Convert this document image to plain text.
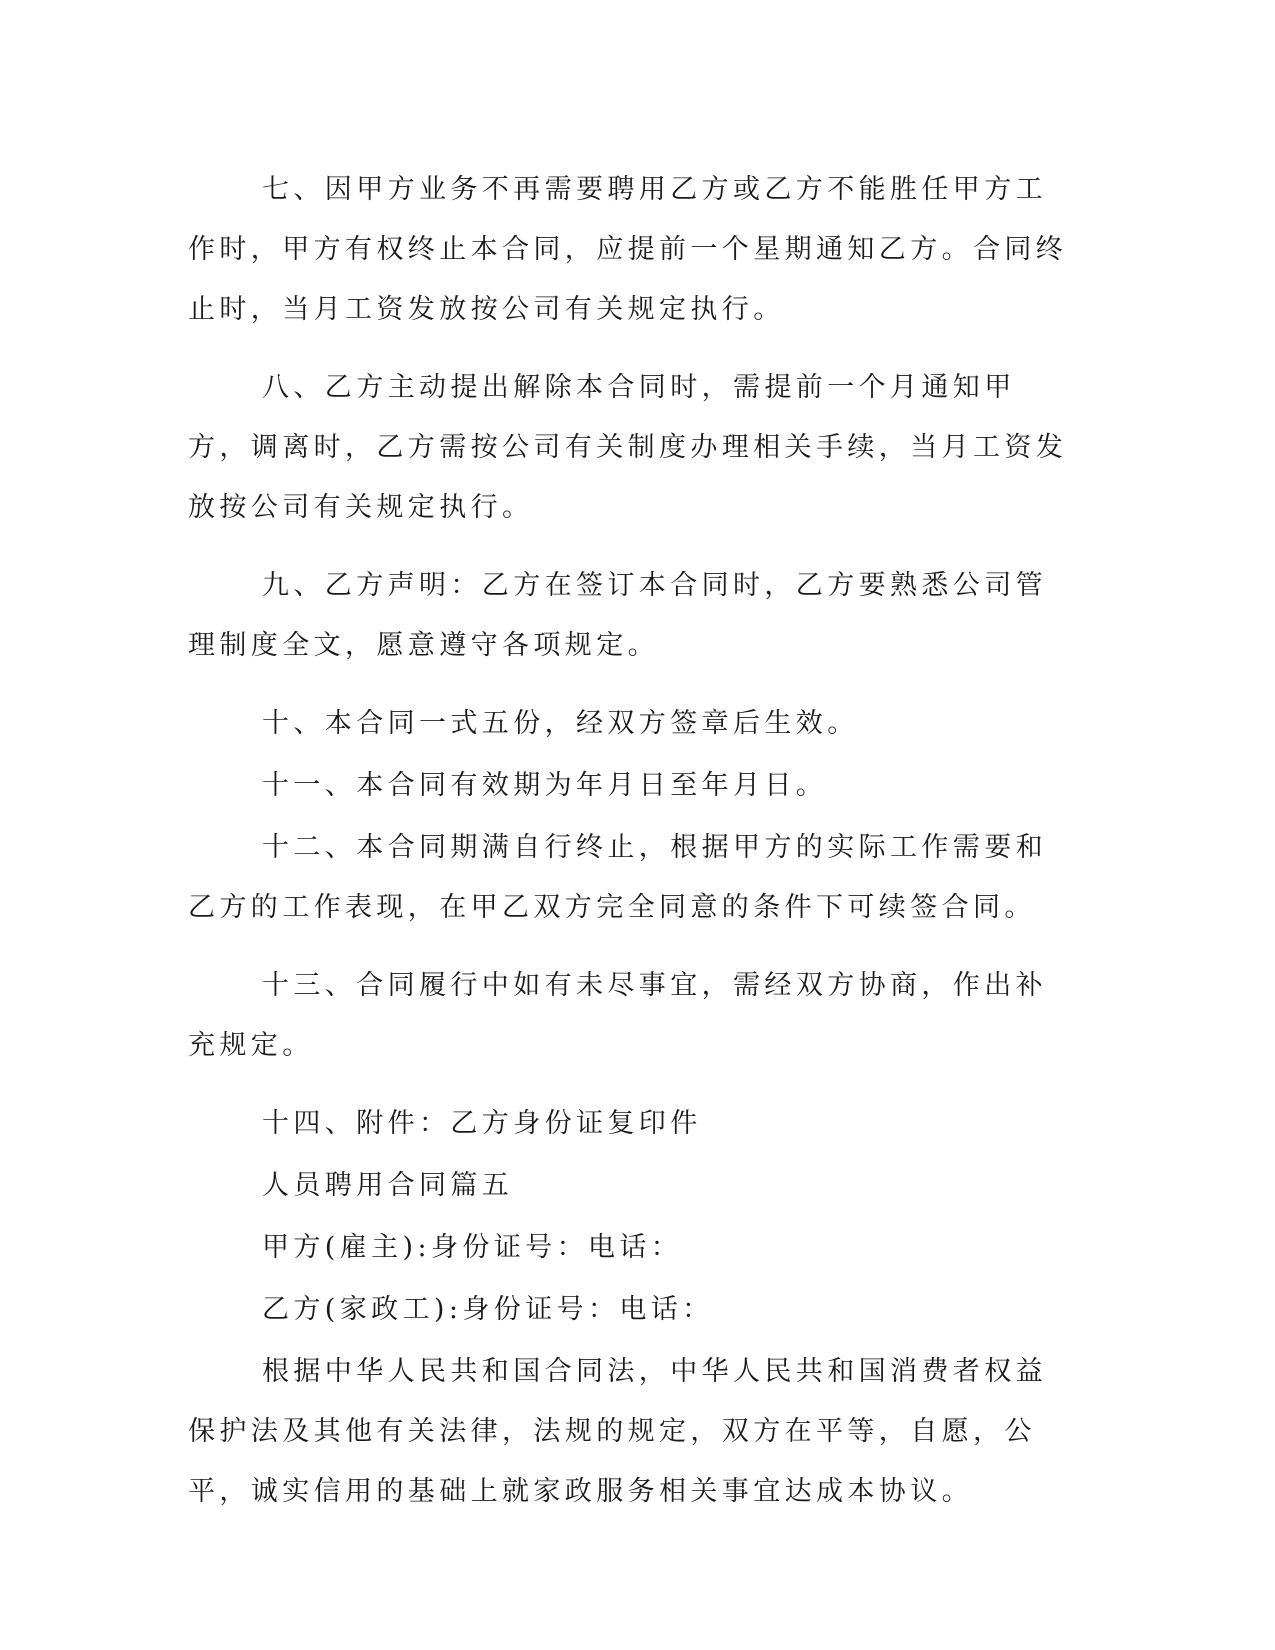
七、因甲方业务不再需要聘用乙方或乙方不能胜任甲方工作时，甲方有权终止本合同，应提前一个星期通知乙方。合同终止时，当月工资发放按公司有关规定执行。

八、乙方主动提出解除本合同时，需提前一个月通知甲方，调离时，乙方需按公司有关制度办理相关手续，当月工资发放按公司有关规定执行。

九、乙方声明：乙方在签订本合同时，乙方要熟悉公司管理制度全文，愿意遵守各项规定。

十、本合同一式五份，经双方签章后生效。

十一、本合同有效期为年月日至年月日。

十二、本合同期满自行终止，根据甲方的实际工作需要和乙方的工作表现，在甲乙双方完全同意的条件下可续签合同。

十三、合同履行中如有未尽事宜，需经双方协商，作出补充规定。

十四、附件：乙方身份证复印件

人员聘用合同篇五

甲方(雇主):身份证号：电话：

乙方(家政工):身份证号：电话：

根据中华人民共和国合同法，中华人民共和国消费者权益保护法及其他有关法律，法规的规定，双方在平等，自愿，公平，诚实信用的基础上就家政服务相关事宜达成本协议。
